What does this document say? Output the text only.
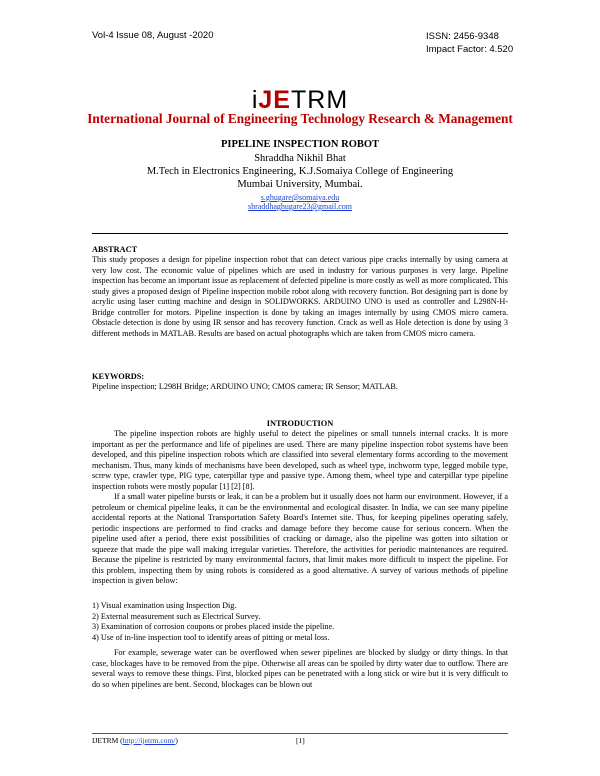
Vol-4 Issue 08, August -2020	ISSN: 2456-9348
Impact Factor: 4.520
iJETRM
International Journal of Engineering Technology Research & Management
PIPELINE INSPECTION ROBOT
Shraddha Nikhil Bhat
M.Tech in Electronics Engineering, K.J.Somaiya College of Engineering
Mumbai University, Mumbai.
s.ghugare@somaiya.edu
shraddhaghugare23@gmail.com
ABSTRACT
This study proposes a design for pipeline inspection robot that can detect various pipe cracks internally by using camera at very low cost. The economic value of pipelines which are used in industry for various purposes is very large. Pipeline inspection has become an important issue as replacement of defected pipeline is more costly as well as more complicated. This study gives a proposed design of Pipeline inspection mobile robot along with recovery function. Bot designing part is done by acrylic using laser cutting machine and design in SOLIDWORKS. ARDUINO UNO is used as controller and L298N-H-Bridge controller for motors. Pipeline inspection is done by taking an images internally by using CMOS micro camera. Obstacle detection is done by using IR sensor and has recovery function. Crack as well as Hole detection is done by using 3 different methods in MATLAB. Results are based on actual photographs which are taken from CMOS micro camera.
KEYWORDS:
Pipeline inspection; L298H Bridge; ARDUINO UNO; CMOS camera; IR Sensor; MATLAB.
INTRODUCTION
The pipeline inspection robots are highly useful to detect the pipelines or small tunnels internal cracks. It is more important as per the performance and life of pipelines are used. There are many pipeline inspection robot systems have been developed, and this pipeline inspection robots which are classified into several elementary forms according to the movement mechanism. Thus, many kinds of mechanisms have been developed, such as wheel type, inchworm type, legged mobile type, screw type, crawler type, PIG type, caterpillar type and passive type. Among them, wheel type and caterpillar type pipeline inspection robots were mostly popular [1] [2] [8].
If a small water pipeline bursts or leak, it can be a problem but it usually does not harm our environment. However, if a petroleum or chemical pipeline leaks, it can be the environmental and ecological disaster. In India, we can see many pipeline accidental reports at the National Transportation Safety Board's Internet site. Thus, for keeping pipelines operating safely, periodic inspections are performed to find cracks and damage before they become cause for serious concern. When the pipeline used after a period, there exist possibilities of cracking or damage, also the pipeline was gotten into siltation or squeeze that made the pipe wall making irregular varieties. Therefore, the activities for periodic maintenances are required. Because the pipeline is restricted by many environmental factors, that limit makes more difficult to inspect the pipeline. For this problem, inspecting them by using robots is considered as a good alternative. A survey of various methods of pipeline inspection is given below:
1) Visual examination using Inspection Dig.
2) External measurement such as Electrical Survey.
3) Examination of corrosion coupons or probes placed inside the pipeline.
4) Use of in-line inspection tool to identify areas of pitting or metal loss.
For example, sewerage water can be overflowed when sewer pipelines are blocked by sludgy or dirty things. In that case, blockages have to be removed from the pipe. Otherwise all areas can be spoiled by dirty water due to outflow. There are several ways to remove these things. First, blocked pipes can be penetrated with a long stick or wire but it is very difficult to do so when pipelines are bent. Second, blockages can be blown out
IJETRM (http://ijetrm.com/)	[1]
